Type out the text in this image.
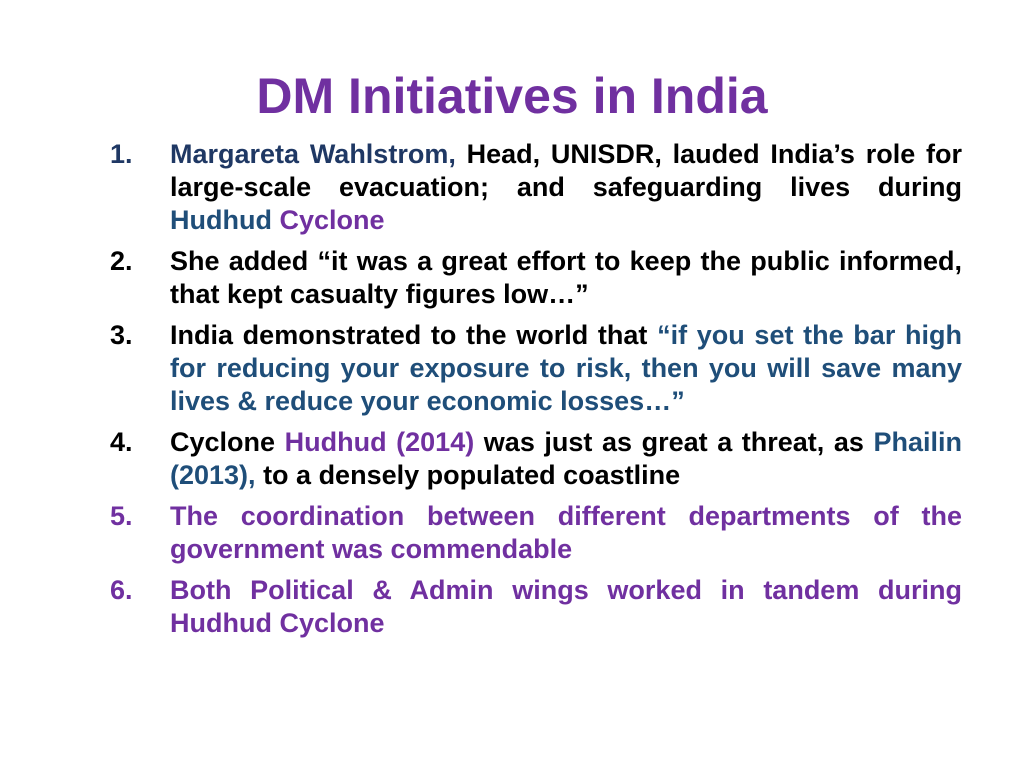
DM Initiatives in India
1.	Margareta Wahlstrom, Head, UNISDR, lauded India’s role for large-scale evacuation; and safeguarding lives during Hudhud Cyclone
2.	She added “it was a great effort to keep the public informed, that kept casualty figures low…”
3.	India demonstrated to the world that “if you set the bar high for reducing your exposure to risk, then you will save many lives & reduce your economic losses…”
4.	Cyclone Hudhud (2014) was just as great a threat, as Phailin (2013), to a densely populated coastline
5.	The coordination between different departments of the government was commendable
6.	Both Political & Admin wings worked in tandem during Hudhud Cyclone
